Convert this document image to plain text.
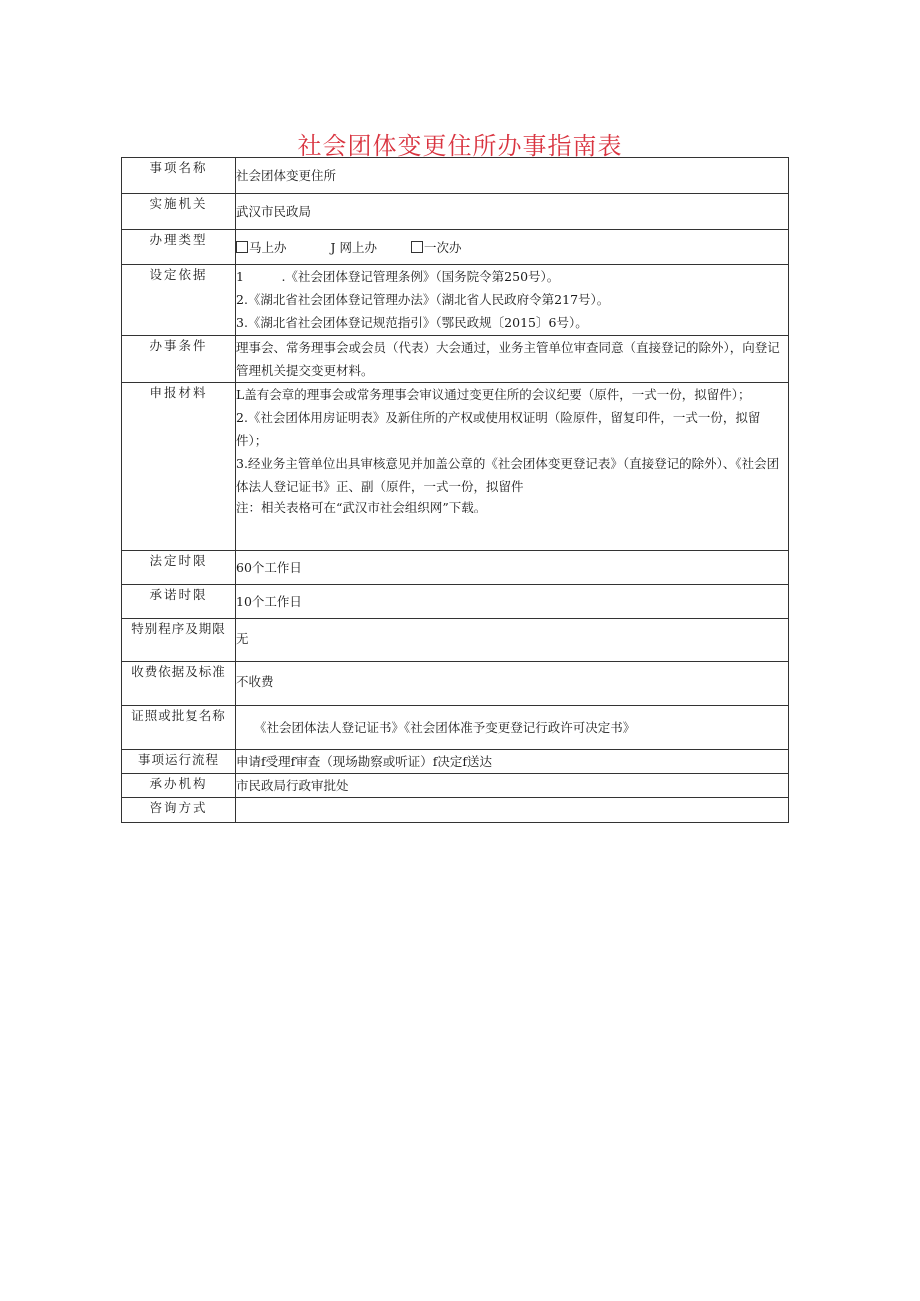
社会团体变更住所办事指南表
事项名称	社会团体变更住所
实施机关	武汉市民政局
办理类型	马上办 J 网上办 一次办
设定依据	1　　　.《社会团体登记管理条例》（国务院令第250号）。
2.《湖北省社会团体登记管理办法》（湖北省人民政府令第217号）。
3.《湖北省社会团体登记规范指引》（鄂民政规〔2015〕6号）。

办事条件	理事会、常务理事会或会员（代表）大会通过，业务主管单位审查同意（直接登记的除外），向登记管理机关提交变更材料。
申报材料	L盖有会章的理事会或常务理事会审议通过变更住所的会议纪要（原件，一式一份，拟留件）；
2.《社会团体用房证明表》及新住所的产权或使用权证明（险原件，留复印件，一式一份，拟留件）；
3.经业务主管单位出具审核意见并加盖公章的《社会团体变更登记表》（直接登记的除外）、《社会团体法人登记证书》正、副（原件，一式一份，拟留件
注：相关表格可在“武汉市社会组织网”下载。

法定时限	60个工作日
承诺时限	10个工作日
特别程序及期限	无
收费依据及标准	不收费
证照或批复名称	《社会团体法人登记证书》《社会团体准予变更登记行政许可决定书》
事项运行流程	申请f受理f审查（现场勘察或听证）f决定f送达
承办机构	市民政局行政审批处
咨询方式	
